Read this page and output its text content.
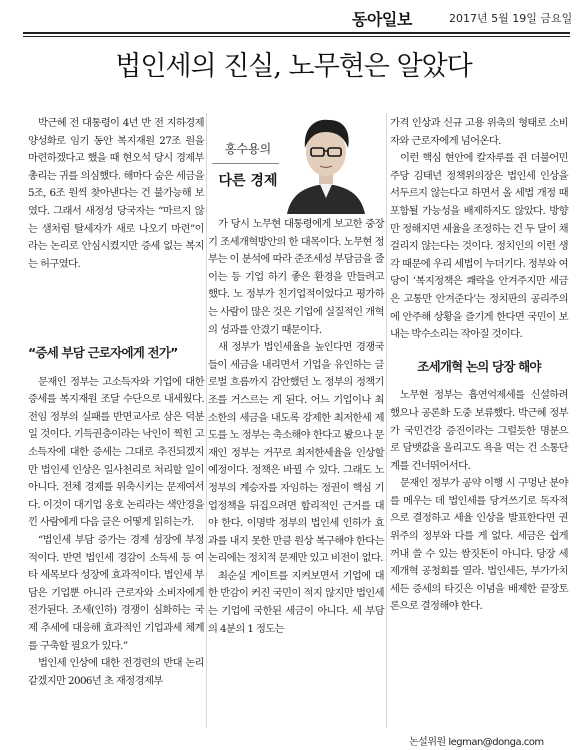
동아일보	2017년 5월 19일 금요일
법인세의 진실, 노무현은 알았다

박근혜 전 대통령이 4년 반 전 지하경제 양성화로 임기 동안 복지재원 27조 원을 마련하겠다고 했을 때 현오석 당시 경제부총리는 귀를 의심했다. 해마다 숨은 세금을 5조, 6조 원씩 찾아낸다는 건 불가능해 보였다. 그래서 새정성 당국자는 “마르지 않는 샘처럼 탈세자가 새로 나오기 마련”이라는 논리로 안심시켰지만 증세 없는 복지는 허구였다.

“증세 부담 근로자에게 전가”

문재인 정부는 고소득자와 기업에 대한 증세를 복지재원 조달 수단으로 내세웠다. 전임 정부의 실패를 반면교사로 삼은 덕분일 것이다. 기득권층이라는 낙인이 찍힌 고소득자에 대한 증세는 그대로 추진되겠지만 법인세 인상은 일사천리로 처리할 일이 아니다. 전체 경제를 위축시키는 문제여서다. 이것이 대기업 옹호 논리라는 색안경을 낀 사람에게 다음 글은 어떻게 읽히는가.

“법인세 부담 증가는 경제 성장에 부정적이다. 반면 법인세 경감이 소득세 등 여타 세목보다 성장에 효과적이다. 법인세 부담은 기업뿐 아니라 근로자와 소비자에게 전가된다. 조세(인하) 경쟁이 심화하는 국제 추세에 대응해 효과적인 기업과세 체계를 구축할 필요가 있다.”

법인세 인상에 대한 전경련의 반대 논리 같겠지만 2006년 초 재정경제부

홍수용의
다른 경제

가 당시 노무현 대통령에게 보고한 중장기 조세개혁방안의 한 대목이다. 노무현 정부는 이 분석에 따라 준조세성 부담금을 줄이는 등 기업 하기 좋은 환경을 만들려고 했다. 노 정부가 친기업적이었다고 평가하는 사람이 많은 것은 기업에 실질적인 개혁의 성과를 안겼기 때문이다.

새 정부가 법인세율을 높인다면 경쟁국들이 세금을 내리면서 기업을 유인하는 글로벌 흐름까지 감안했던 노 정부의 정책기조를 거스르는 게 된다. 어느 기업이나 최소한의 세금을 내도록 강제한 최저한세 제도를 노 정부는 축소해야 한다고 봤으나 문재인 정부는 거꾸로 최저한세율을 인상할 예정이다. 정책은 바뀔 수 있다. 그래도 노 정부의 계승자를 자임하는 정권이 핵심 기업정책을 뒤집으려면 합리적인 근거를 대야 한다. 이명박 정부의 법인세 인하가 효과를 내지 못한 만큼 원상 복구해야 한다는 논리에는 정치적 문제만 있고 비전이 없다.

최순실 게이트를 지켜보면서 기업에 대한 반감이 커진 국민이 적지 않지만 법인세는 기업에 국한된 세금이 아니다. 세 부담의 4분의 1 정도는

가격 인상과 신규 고용 위축의 형태로 소비자와 근로자에게 넘어온다.

이런 핵심 현안에 칼자루를 쥔 더불어민주당 김태년 정책위의장은 법인세 인상을 서두르지 않는다고 하면서 올 세법 개정 때 포함될 가능성을 배제하지도 않았다. 방향만 정해지면 세율을 조정하는 건 두 달이 채 걸리지 않는다는 것이다. 정치인의 이런 생각 때문에 우리 세법이 누더기다. 정부와 여당이 ‘복지정책은 쾌락을 안겨주지만 세금은 고통만 안겨준다’는 정치판의 공리주의에 안주해 상황을 즐기게 한다면 국민이 보내는 박수소리는 작아질 것이다.

조세개혁 논의 당장 해야

노무현 정부는 흡연억제세를 신설하려 했으나 공론화 도중 보류했다. 박근혜 정부가 국민건강 증진이라는 그럴듯한 명분으로 담뱃값을 올리고도 욕을 먹는 건 소통단계를 건너뛰어서다.

문재인 정부가 공약 이행 시 구멍난 분야를 메우는 데 법인세를 당겨쓰기로 독자적으로 결정하고 세율 인상을 발표한다면 권위주의 정부와 다를 게 없다. 세금은 쉽게 꺼내 쓸 수 있는 쌈짓돈이 아니다. 당장 세제개혁 공청회를 열라. 법인세든, 부가가치세든 증세의 타깃은 이념을 배제한 끝장토론으로 결정해야 한다.

논설위원 legman@donga.com
